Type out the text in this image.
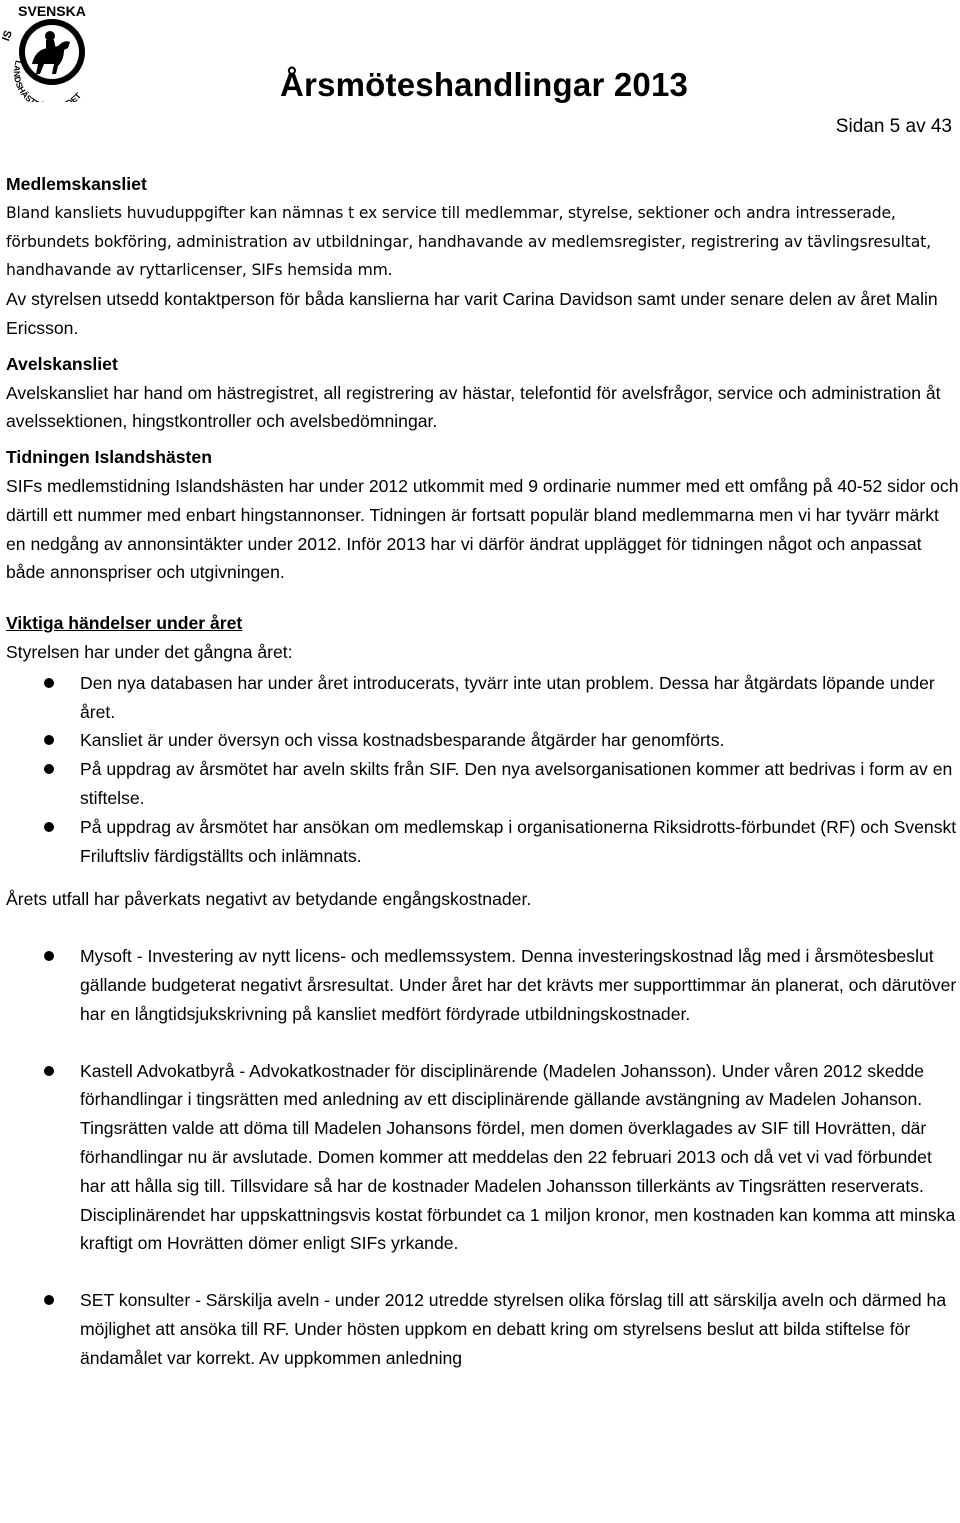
SVENSKA
IS
LANDSHÄST ET	Årsmöteshandlingar 2013
Sidan 5 av 43
Medlemskansliet

Bland kansliets huvuduppgifter kan nämnas t ex service till medlemmar, styrelse, sektioner och andra intresserade, förbundets bokföring, administration av utbildningar, handhavande av medlemsregister, registrering av tävlingsresultat, handhavande av ryttarlicenser, SIFs hemsida mm.

Av styrelsen utsedd kontaktperson för båda kanslierna har varit Carina Davidson samt under senare delen av året Malin Ericsson.

Avelskansliet

Avelskansliet har hand om hästregistret, all registrering av hästar, telefontid för avelsfrågor, service och administration åt avelssektionen, hingstkontroller och avelsbedömningar.

Tidningen Islandshästen

SIFs medlemstidning Islandshästen har under 2012 utkommit med 9 ordinarie nummer med ett omfång på 40-52 sidor och därtill ett nummer med enbart hingstannonser. Tidningen är fortsatt populär bland medlemmarna men vi har tyvärr märkt en nedgång av annonsintäkter under 2012. Inför 2013 har vi därför ändrat upplägget för tidningen något och anpassat både annonspriser och utgivningen.

Viktiga händelser under året

Styrelsen har under det gångna året:

Den nya databasen har under året introducerats, tyvärr inte utan problem. Dessa har åtgärdats löpande under året.
Kansliet är under översyn och vissa kostnadsbesparande åtgärder har genomförts.
På uppdrag av årsmötet har aveln skilts från SIF. Den nya avelsorganisationen kommer att bedrivas i form av en stiftelse.
På uppdrag av årsmötet har ansökan om medlemskap i organisationerna Riksidrotts-förbundet (RF) och Svenskt Friluftsliv färdigställts och inlämnats.

Årets utfall har påverkats negativt av betydande engångskostnader.

Mysoft - Investering av nytt licens- och medlemssystem. Denna investeringskostnad låg med i årsmötesbeslut gällande budgeterat negativt årsresultat. Under året har det krävts mer supporttimmar än planerat, och därutöver har en långtidsjukskrivning på kansliet medfört fördyrade utbildningskostnader.
Kastell Advokatbyrå - Advokatkostnader för disciplinärende (Madelen Johansson). Under våren 2012 skedde förhandlingar i tingsrätten med anledning av ett disciplinärende gällande avstängning av Madelen Johanson. Tingsrätten valde att döma till Madelen Johansons fördel, men domen överklagades av SIF till Hovrätten, där förhandlingar nu är avslutade. Domen kommer att meddelas den 22 februari 2013 och då vet vi vad förbundet har att hålla sig till. Tillsvidare så har de kostnader Madelen Johansson tillerkänts av Tingsrätten reserverats. Disciplinärendet har uppskattningsvis kostat förbundet ca 1 miljon kronor, men kostnaden kan komma att minska kraftigt om Hovrätten dömer enligt SIFs yrkande.
SET konsulter - Särskilja aveln - under 2012 utredde styrelsen olika förslag till att särskilja aveln och därmed ha möjlighet att ansöka till RF. Under hösten uppkom en debatt kring om styrelsens beslut att bilda stiftelse för ändamålet var korrekt. Av uppkommen anledning
